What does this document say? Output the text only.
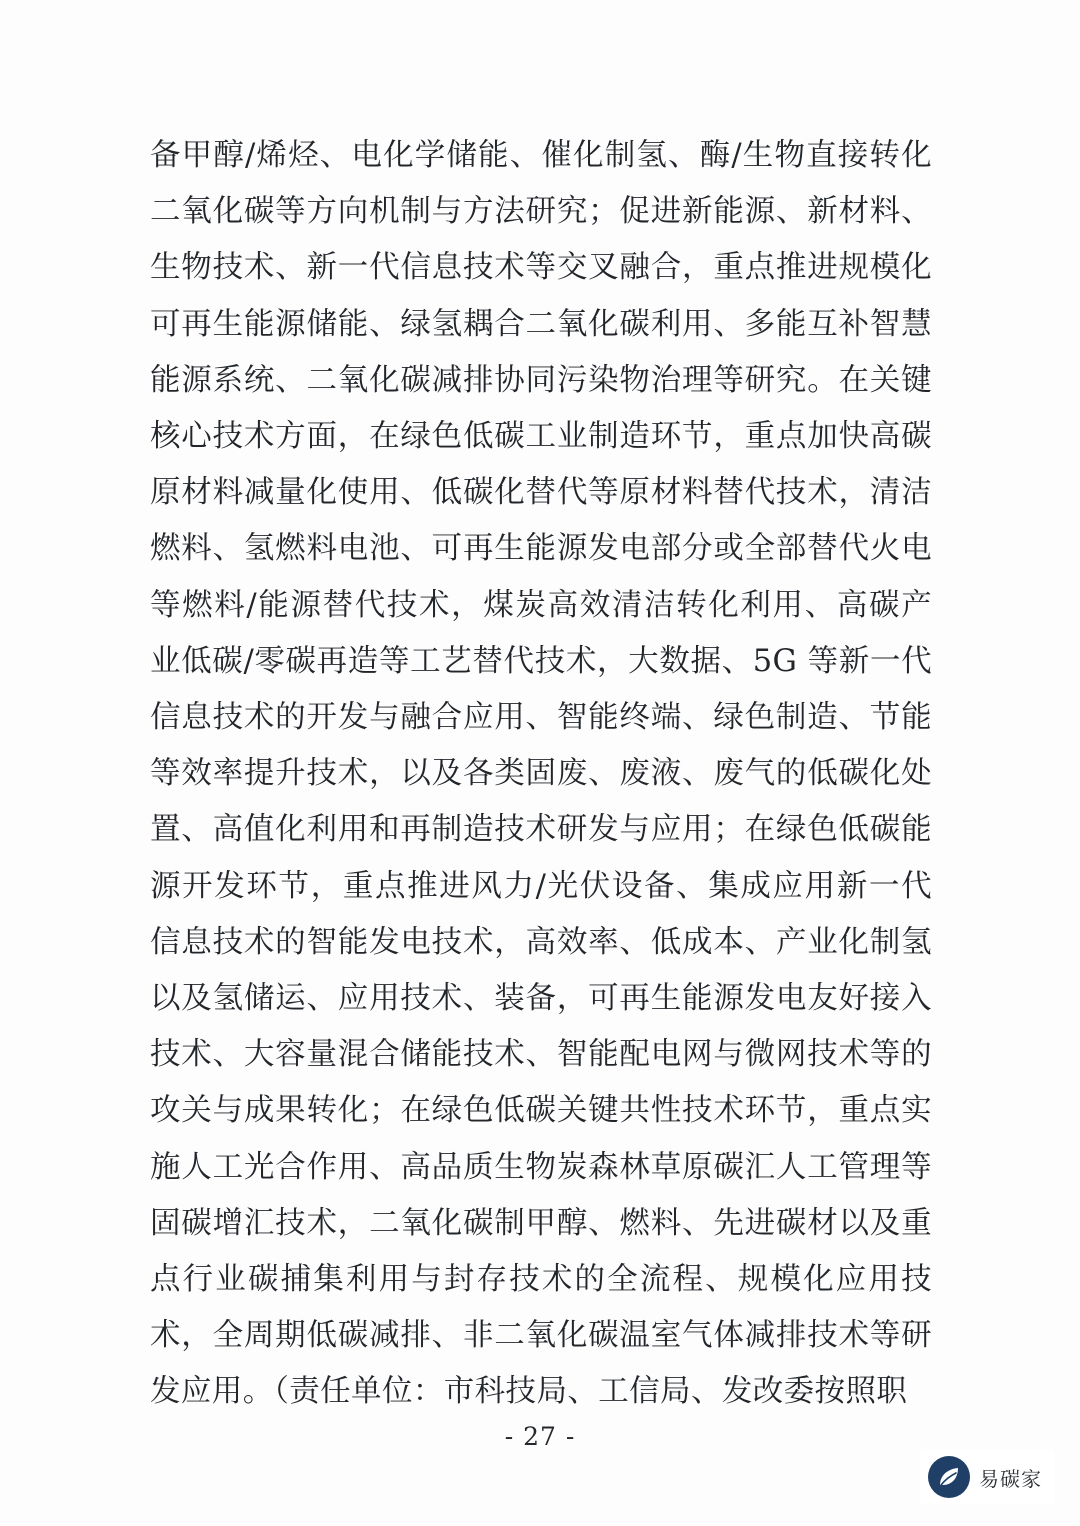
备甲醇/烯烃、电化学储能、催化制氢、酶/生物直接转化二氧化碳等方向机制与方法研究；促进新能源、新材料、生物技术、新一代信息技术等交叉融合，重点推进规模化可再生能源储能、绿氢耦合二氧化碳利用、多能互补智慧能源系统、二氧化碳减排协同污染物治理等研究。在关键核心技术方面，在绿色低碳工业制造环节，重点加快高碳原材料减量化使用、低碳化替代等原材料替代技术，清洁燃料、氢燃料电池、可再生能源发电部分或全部替代火电等燃料/能源替代技术，煤炭高效清洁转化利用、高碳产业低碳/零碳再造等工艺替代技术，大数据、5G 等新一代信息技术的开发与融合应用、智能终端、绿色制造、节能等效率提升技术，以及各类固废、废液、废气的低碳化处置、高值化利用和再制造技术研发与应用；在绿色低碳能源开发环节，重点推进风力/光伏设备、集成应用新一代信息技术的智能发电技术，高效率、低成本、产业化制氢以及氢储运、应用技术、装备，可再生能源发电友好接入技术、大容量混合储能技术、智能配电网与微网技术等的攻关与成果转化；在绿色低碳关键共性技术环节，重点实施人工光合作用、高品质生物炭森林草原碳汇人工管理等固碳增汇技术，二氧化碳制甲醇、燃料、先进碳材以及重点行业碳捕集利用与封存技术的全流程、规模化应用技术，全周期低碳减排、非二氧化碳温室气体减排技术等研发应用。（责任单位：市科技局、工信局、发改委按照职
- 27 -
易碳家
